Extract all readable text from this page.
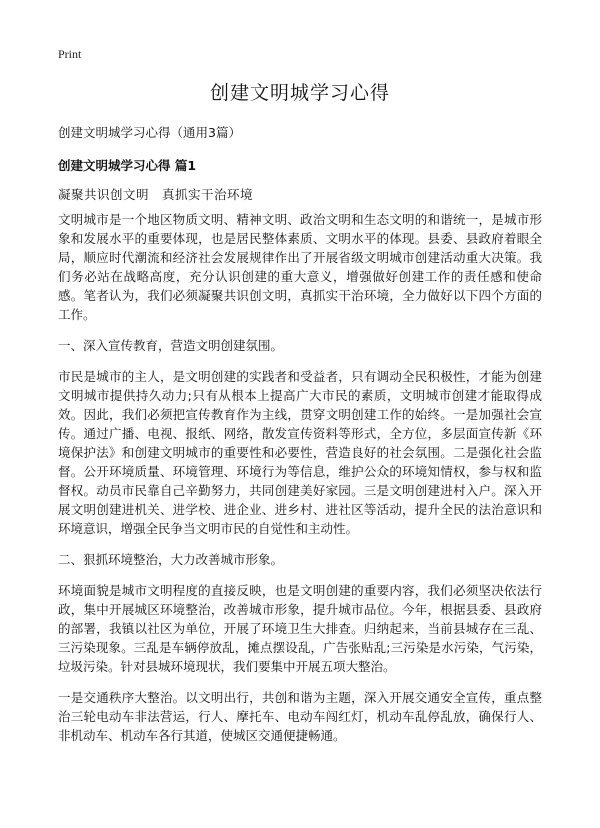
Print
创建文明城学习心得
创建文明城学习心得（通用3篇）
创建文明城学习心得 篇1
凝聚共识创文明　真抓实干治环境

文明城市是一个地区物质文明、精神文明、政治文明和生态文明的和谐统一，是城市形象和发展水平的重要体现，也是居民整体素质、文明水平的体现。县委、县政府着眼全局，顺应时代潮流和经济社会发展规律作出了开展省级文明城市创建活动重大决策。我们务必站在战略高度，充分认识创建的重大意义，增强做好创建工作的责任感和使命感。笔者认为，我们必须凝聚共识创文明，真抓实干治环境，全力做好以下四个方面的工作。

一、深入宣传教育，营造文明创建氛围。

市民是城市的主人，是文明创建的实践者和受益者，只有调动全民积极性，才能为创建文明城市提供持久动力;只有从根本上提高广大市民的素质，文明城市创建才能取得成效。因此，我们必须把宣传教育作为主线，贯穿文明创建工作的始终。一是加强社会宣传。通过广播、电视、报纸、网络，散发宣传资料等形式，全方位，多层面宣传新《环境保护法》和创建文明城市的重要性和必要性，营造良好的社会氛围。二是强化社会监督。公开环境质量、环境管理、环境行为等信息，维护公众的环境知情权，参与权和监督权。动员市民靠自己辛勤努力，共同创建美好家园。三是文明创建进村入户。深入开展文明创建进机关、进学校、进企业、进乡村、进社区等活动，提升全民的法治意识和环境意识，增强全民争当文明市民的自觉性和主动性。

二、狠抓环境整治，大力改善城市形象。

环境面貌是城市文明程度的直接反映，也是文明创建的重要内容，我们必须坚决依法行政，集中开展城区环境整治，改善城市形象，提升城市品位。今年，根据县委、县政府的部署，我镇以社区为单位，开展了环境卫生大排查。归纳起来，当前县城存在三乱、三污染现象。三乱是车辆停放乱，摊点摆设乱，广告张贴乱;三污染是水污染，气污染，垃圾污染。针对县城环境现状，我们要集中开展五项大整治。

一是交通秩序大整治。以文明出行，共创和谐为主题，深入开展交通安全宣传，重点整治三轮电动车非法营运，行人、摩托车、电动车闯红灯，机动车乱停乱放，确保行人、非机动车、机动车各行其道，使城区交通便捷畅通。
